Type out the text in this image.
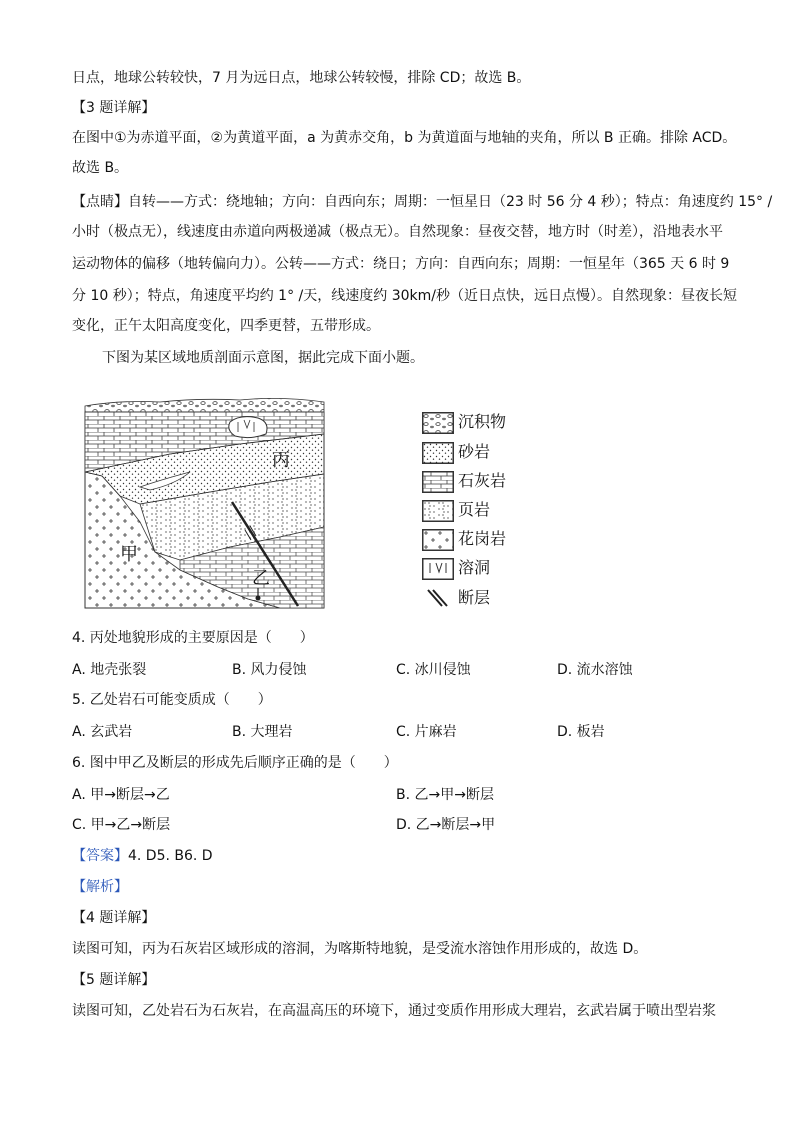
日点，地球公转较快，7 月为远日点，地球公转较慢，排除 CD；故选 B。
【3 题详解】
在图中①为赤道平面，②为黄道平面，a 为黄赤交角，b 为黄道面与地轴的夹角，所以 B 正确。排除 ACD。
故选 B。
【点睛】自转——方式：绕地轴；方向：自西向东；周期：一恒星日（23 时 56 分 4 秒）；特点：角速度约 15° /
小时（极点无），线速度由赤道向两极递减（极点无）。自然现象：昼夜交替，地方时（时差），沿地表水平
运动物体的偏移（地转偏向力）。公转——方式：绕日；方向：自西向东；周期：一恒星年（365 天 6 时 9
分 10 秒）；特点，角速度平均约 1° /天，线速度约 30km/秒（近日点快，远日点慢）。自然现象：昼夜长短
变化，正午太阳高度变化，四季更替，五带形成。
下图为某区域地质剖面示意图，据此完成下面小题。
丙
甲
乙
沉积物
砂岩
石灰岩
页岩
花岗岩
溶洞
断层
4. 丙处地貌形成的主要原因是（　　）
A. 地壳张裂	B. 风力侵蚀	C. 冰川侵蚀	D. 流水溶蚀
5. 乙处岩石可能变质成（　　）
A. 玄武岩	B. 大理岩	C. 片麻岩	D. 板岩
6. 图中甲乙及断层的形成先后顺序正确的是（　　）
A. 甲→断层→乙	B. 乙→甲→断层
C. 甲→乙→断层	D. 乙→断层→甲
【答案】4. D5. B6. D
【解析】
【4 题详解】
读图可知，丙为石灰岩区域形成的溶洞，为喀斯特地貌，是受流水溶蚀作用形成的，故选 D。
【5 题详解】
读图可知，乙处岩石为石灰岩，在高温高压的环境下，通过变质作用形成大理岩，玄武岩属于喷出型岩浆
